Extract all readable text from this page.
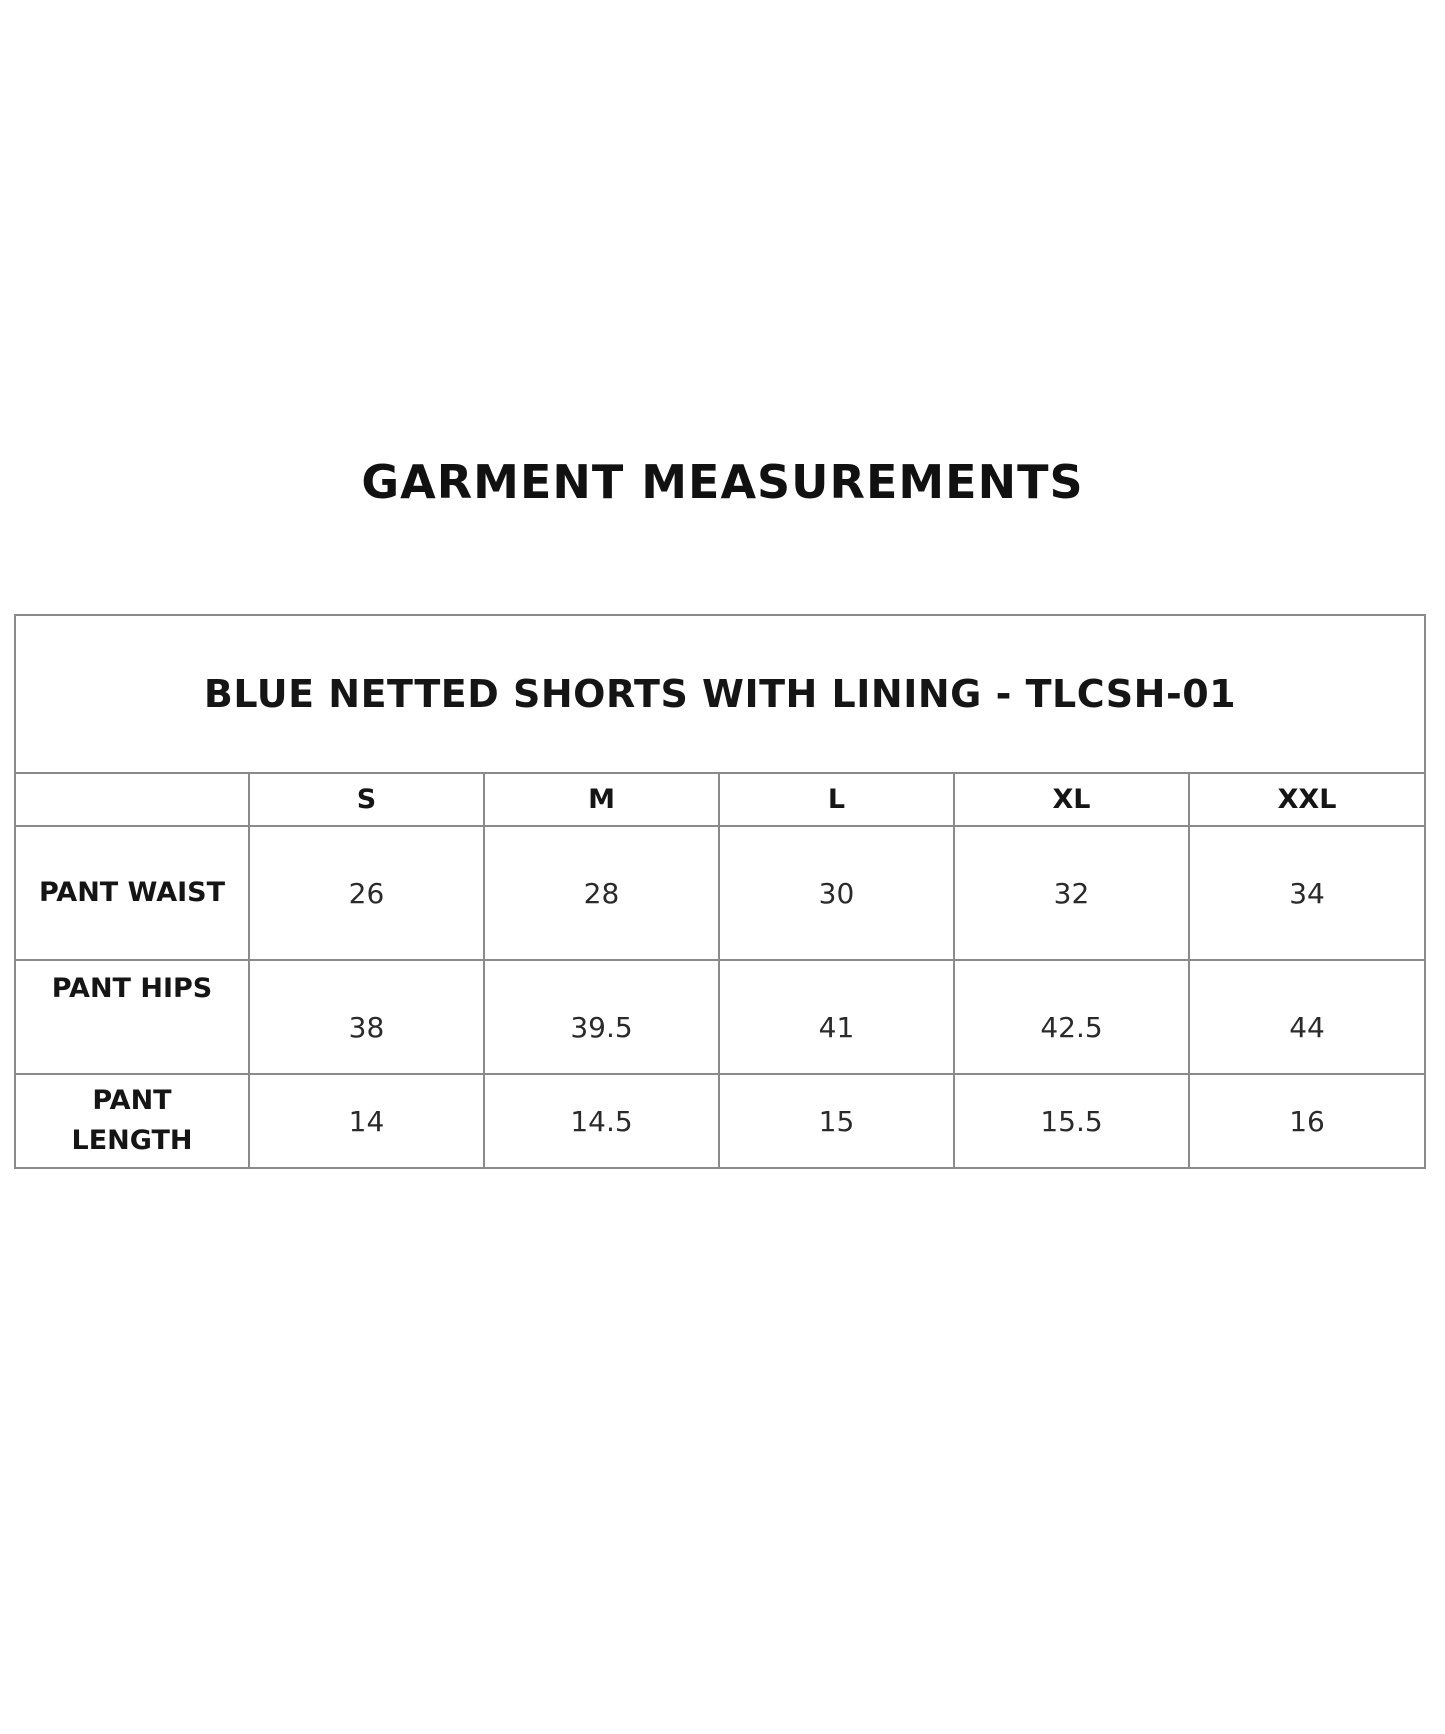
GARMENT MEASUREMENTS
BLUE NETTED SHORTS WITH LINING - TLCSH-01					
	S	M	L	XL	XXL
PANT WAIST	26	28	30	32	34
PANT HIPS	38	39.5	41	42.5	44
PANT LENGTH	14	14.5	15	15.5	16
